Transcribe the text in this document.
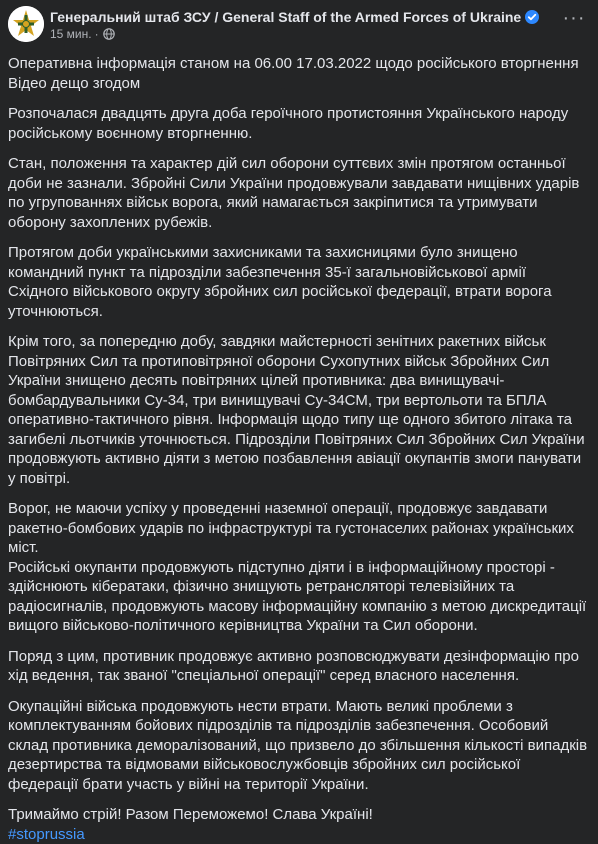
Генеральний штаб ЗСУ / General Staff of the Armed Forces of Ukraine
15 мин. ·
···

Оперативна інформація станом на 06.00 17.03.2022 щодо російського вторгнення
Відео дещо згодом

Розпочалася двадцять друга доба героїчного протистояння Українського народу російському воєнному вторгненню.

Стан, положення та характер дій сил оборони суттєвих змін протягом останньої доби не зазнали. Збройні Сили України продовжували завдавати нищівних ударів по угрупованнях військ ворога, який намагається закріпитися та утримувати оборону захоплених рубежів.

Протягом доби українськими захисниками та захисницями було знищено командний пункт та підрозділи забезпечення 35-ї загальновійськової армії Східного військового округу збройних сил російської федерації, втрати ворога уточнюються.

Крім того, за попередню добу, завдяки майстерності зенітних ракетних військ Повітряних Сил та протиповітряної оборони Сухопутних військ Збройних Сил України знищено десять повітряних цілей противника: два винищувачі-бомбардувальники Су-34, три винищувачі Су-34СМ, три вертольоти та БПЛА оперативно-тактичного рівня. Інформація щодо типу ще одного збитого літака та загибелі льотчиків уточнюється. Підрозділи Повітряних Сил Збройних Сил України продовжують активно діяти з метою позбавлення авіації окупантів змоги панувати у повітрі.

Ворог, не маючи успіху у проведенні наземної операції, продовжує завдавати ракетно-бомбових ударів по інфраструктурі та густонаселих районах українських міст.

Російські окупанти продовжують підступно діяти і в інформаційному просторі - здійснюють кібератаки, фізично знищують ретрансляторі телевізійних та радіосигналів, продовжують масову інформаційну компанію з метою дискредитації вищого військово-політичного керівництва України та Сил оборони.

Поряд з цим, противник продовжує активно розповсюджувати дезінформацію про хід ведення, так званої "спеціальної операції" серед власного населення.

Окупаційні війська продовжують нести втрати. Мають великі проблеми з комплектуванням бойових підрозділів та підрозділів забезпечення. Особовий склад противника деморалізований, що призвело до збільшення кількості випадків дезертирства та відмовами військовослужбовців збройних сил російської федерації брати участь у війні на території України.

Тримаймо стрій! Разом Переможемо! Слава Україні!

#stoprussia
